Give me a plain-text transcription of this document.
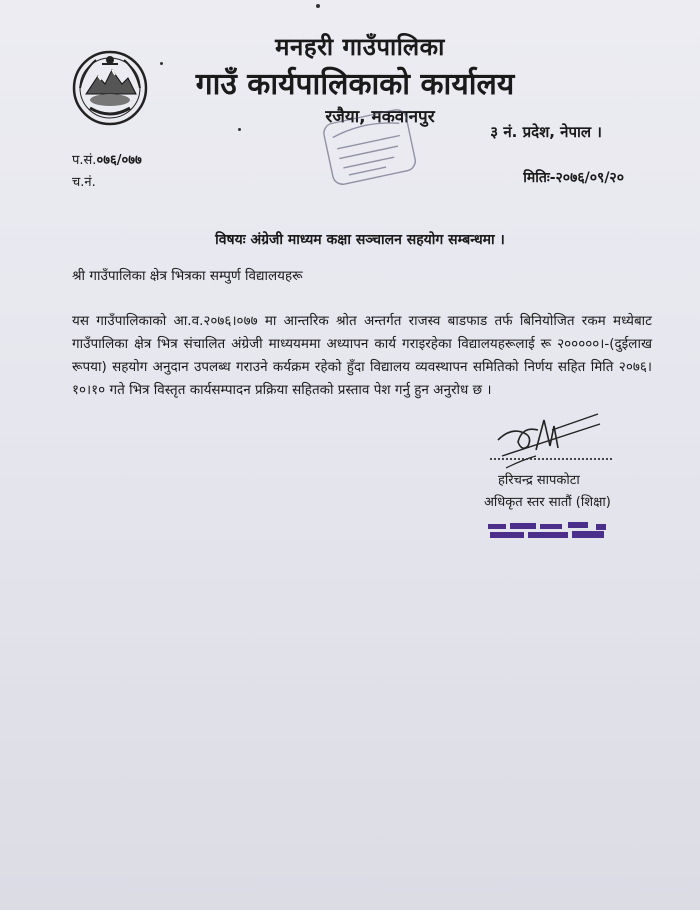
मनहरी गाउँपालिका
गाउँ कार्यपालिकाको कार्यालय
रजैया, मकवानपुर
३ नं. प्रदेश, नेपाल ।
प.सं.०७६/०७७
च.नं.	मितिः-२०७६/०९/२०
विषयः अंग्रेजी माध्यम कक्षा सञ्चालन सहयोग सम्बन्धमा ।
श्री गाउँपालिका क्षेत्र भित्रका सम्पुर्ण विद्यालयहरू
यस गाउँपालिकाको आ.व.२०७६।०७७ मा आन्तरिक श्रोत अन्तर्गत राजस्व बाडफाड तर्फ बिनियोजित रकम मध्येबाट गाउँपालिका क्षेत्र भित्र संचालित अंग्रेजी माध्ययममा अध्यापन कार्य गराइरहेका विद्यालयहरूलाई रू २०००००।-(दुईलाख रूपया) सहयोग अनुदान उपलब्ध गराउने कर्यक्रम रहेको हुँदा विद्यालय व्यवस्थापन समितिको निर्णय सहित मिति २०७६।१०।१० गते भित्र विस्तृत कार्यसम्पादन प्रक्रिया सहितको प्रस्ताव पेश गर्नु हुन अनुरोध छ ।
हरिचन्द्र सापकोटा
अधिकृत स्तर सातौं (शिक्षा)
